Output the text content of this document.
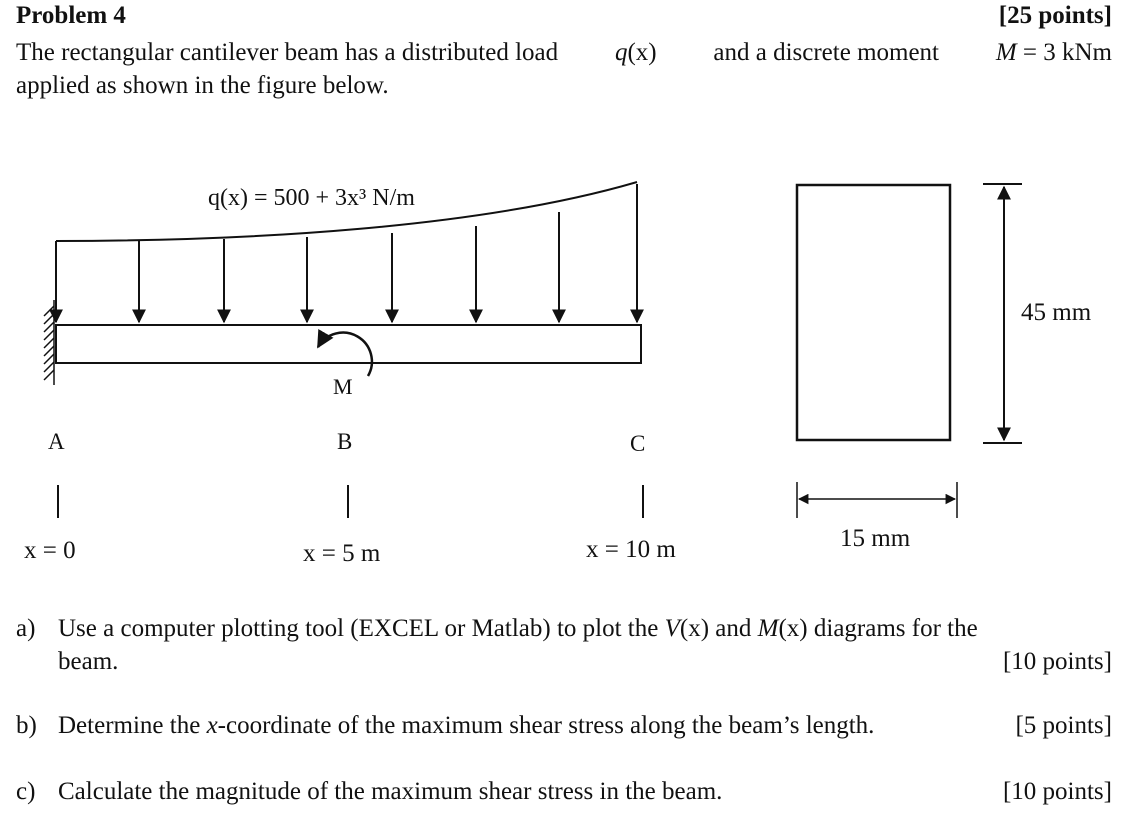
Problem 4	[25 points]
The rectangular cantilever beam has a distributed load q(x) and a discrete moment M = 3 kNm
applied as shown in the figure below.
q(x) = 500 + 3x³ N/m
M
A	B	C
x = 0	x = 5 m	x = 10 m
45 mm
15 mm
a) Use a computer plotting tool (EXCEL or Matlab) to plot the V(x) and M(x) diagrams for the
beam.	[10 points]
b) Determine the x-coordinate of the maximum shear stress along the beam’s length.	[5 points]
c) Calculate the magnitude of the maximum shear stress in the beam.	[10 points]
